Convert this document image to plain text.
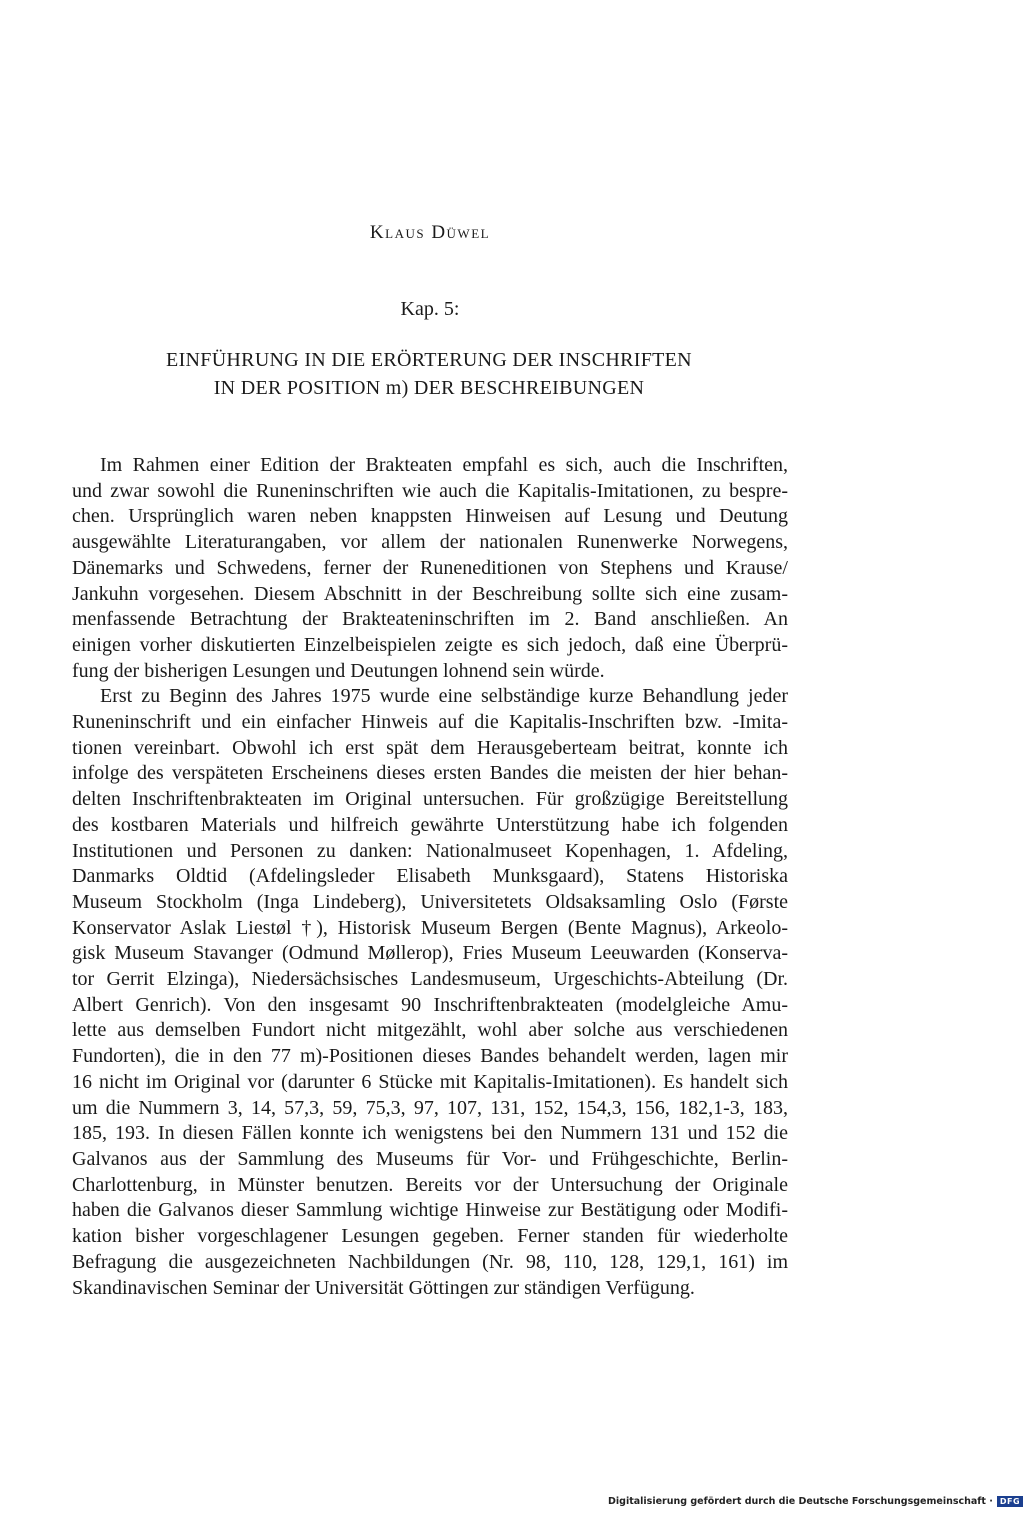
Klaus Düwel
Kap. 5:
EINFÜHRUNG IN DIE ERÖRTERUNG DER INSCHRIFTEN
IN DER POSITION m) DER BESCHREIBUNGEN

Im Rahmen einer Edition der Brakteaten empfahl es sich, auch die Inschriften,
und zwar sowohl die Runeninschriften wie auch die Kapitalis-Imitationen, zu bespre-
chen. Ursprünglich waren neben knappsten Hinweisen auf Lesung und Deutung
ausgewählte Literaturangaben, vor allem der nationalen Runenwerke Norwegens,
Dänemarks und Schwedens, ferner der Runeneditionen von Stephens und Krause/
Jankuhn vorgesehen. Diesem Abschnitt in der Beschreibung sollte sich eine zusam-
menfassende Betrachtung der Brakteateninschriften im 2. Band anschließen. An
einigen vorher diskutierten Einzelbeispielen zeigte es sich jedoch, daß eine Überprü-
fung der bisherigen Lesungen und Deutungen lohnend sein würde.

Erst zu Beginn des Jahres 1975 wurde eine selbständige kurze Behandlung jeder
Runeninschrift und ein einfacher Hinweis auf die Kapitalis-Inschriften bzw. -Imita-
tionen vereinbart. Obwohl ich erst spät dem Herausgeberteam beitrat, konnte ich
infolge des verspäteten Erscheinens dieses ersten Bandes die meisten der hier behan-
delten Inschriftenbrakteaten im Original untersuchen. Für großzügige Bereitstellung
des kostbaren Materials und hilfreich gewährte Unterstützung habe ich folgenden
Institutionen und Personen zu danken: Nationalmuseet Kopenhagen, 1. Afdeling,
Danmarks Oldtid (Afdelingsleder Elisabeth Munksgaard), Statens Historiska
Museum Stockholm (Inga Lindeberg), Universitetets Oldsaksamling Oslo (Første
Konservator Aslak Liestøl †), Historisk Museum Bergen (Bente Magnus), Arkeolo-
gisk Museum Stavanger (Odmund Møllerop), Fries Museum Leeuwarden (Konserva-
tor Gerrit Elzinga), Niedersächsisches Landesmuseum, Urgeschichts-Abteilung (Dr.
Albert Genrich). Von den insgesamt 90 Inschriftenbrakteaten (modelgleiche Amu-
lette aus demselben Fundort nicht mitgezählt, wohl aber solche aus verschiedenen
Fundorten), die in den 77 m)-Positionen dieses Bandes behandelt werden, lagen mir
16 nicht im Original vor (darunter 6 Stücke mit Kapitalis-Imitationen). Es handelt sich
um die Nummern 3, 14, 57,3, 59, 75,3, 97, 107, 131, 152, 154,3, 156, 182,1-3, 183,
185, 193. In diesen Fällen konnte ich wenigstens bei den Nummern 131 und 152 die
Galvanos aus der Sammlung des Museums für Vor- und Frühgeschichte, Berlin-
Charlottenburg, in Münster benutzen. Bereits vor der Untersuchung der Originale
haben die Galvanos dieser Sammlung wichtige Hinweise zur Bestätigung oder Modifi-
kation bisher vorgeschlagener Lesungen gegeben. Ferner standen für wiederholte
Befragung die ausgezeichneten Nachbildungen (Nr. 98, 110, 128, 129,1, 161) im
Skandinavischen Seminar der Universität Göttingen zur ständigen Verfügung.

Digitalisierung gefördert durch die Deutsche Forschungsgemeinschaft · DFG
